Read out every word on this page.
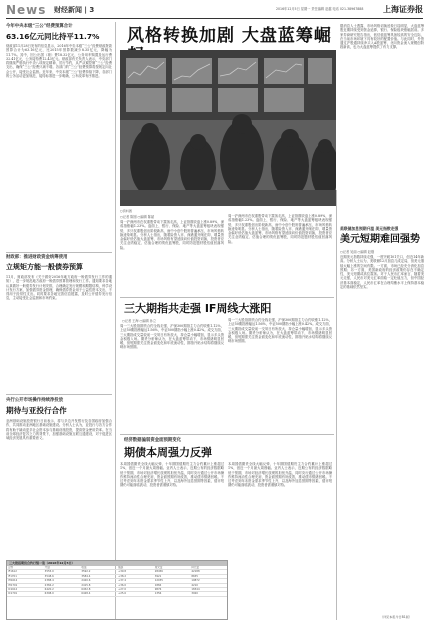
News 财经新闻 | 3	2016年12月5日 星期一 责任编辑 赵越 电话 021-38967888 上海证券报
今年中央本级“三公”经费预算合计
63.16亿元同比持平11.7%
财政部11月28日发布的信息显示，2016年中央本级“三公”经费财政拨款预算合计为63.16亿元，比2015年预算数减少8.35亿元，降幅为11.7%。其中，因公出国（境）费18.32亿元，公务用车购置及运行费32.41亿元，公务接待费12.43亿元。财政部有关负责人表示，中央部门将继续严格执行中央八项规定精神，厉行节约，从严从紧控制“三公”经费支出，确保“三公”经费只减不增。各部门的“三公”经费预算将按规定向社会公开，接受社会监督。近年来，中央本级“三公”经费持续下降，各部门的公务活动更加规范，接待标准进一步明确，公车改革有序推进。
财政部：推进财政资金统筹使用
立规矩方能一般债券预算
11月，财政部发布《关于做好2016年地方政府一般债券发行工作的通知》，进一步规范地方政府一般债券预算管理和发行工作。通知要求各地认真做好一般债券发行计划安排，合理确定发行规模和期限结构，科学设计发行方案，加强债券资金管理，确保债券资金用于公益性资本支出，不得用于经常性支出。同时要求各地完善信息披露，及时公开债券发行信息，主动接受社会监督和市场约束。
央行公开市场操作持续净投放
期待与亚投行合作
亚洲基础设施投资银行日前表示，将与多边开发银行及各国政府加强合作，共同推动亚洲地区基础设施建设。分析人士认为，亚投行与各方合作将有助于撬动更多社会资本参与基础设施投资，提高资金使用效率。在当前全球经济复苏乏力的背景下，加强基础设施互联互通建设，对于促进区域经济发展具有重要意义。
风格转换加剧 大盘蓝筹崛
○资料图
○记者 陈刚 ○编辑 陈斌
周一沪深两市在权重股带动下震荡走高，上证指数收盘上涨0.89%，深成指涨幅1.23%。盘面上，银行、保险、地产等大盘蓝筹板块表现强势，多只权重股创出阶段新高，而中小创个股则普遍承压，市场风格转换迹象明显。分析人士指出，随着险资入市、深港通开闸在即，增量资金偏好低估值大盘蓝筹，市场风格有望延续向价值投资切换，投资者应关注业绩稳定、估值合理的绩优蓝筹股，同时防范题材股估值回落风险。
周一沪深两市在权重股带动下震荡走高，上证指数收盘上涨0.89%，深成指涨幅1.23%。盘面上，银行、保险、地产等大盘蓝筹板块表现强势，多只权重股创出阶段新高，而中小创个股则普遍承压，市场风格转换迹象明显。分析人士指出，随着险资入市、深港通开闸在即，增量资金偏好低估值大盘蓝筹，市场风格有望延续向价值投资切换，投资者应关注业绩稳定、估值合理的绩优蓝筹股，同时防范题材股估值回落风险。
据消息人士透露，市场风格切换迹象日趋明显，大盘蓝筹股近期持续受到资金追捧，银行、保险板块涨幅居前。多家券商研究报告指出，低估值蓝筹具备较高的安全边际，在当前市场环境下具有较好的配置价值。与此同时，外资通过沪股通持续净买入A股蓝筹，北向资金流入规模创阶段新高，也为大盘蓝筹提供了有力支撑。
三大期指共走强 IF周线大涨阳
○记者 王海 ○编辑 孙立
周一三大股指期货合约全线走强，沪深300期指主力合约收涨1.12%，上证50期指涨幅达1.56%，中证500期指小幅上涨0.42%。成交方面，三大期指成交量较前一交易日有所放大，持仓量小幅增加，显示多头资金积极入场。期货分析师认为，在大盘蓝筹带动下，市场情绪明显回暖，但短期需关注资金面变化和年底流动性，期指升贴水结构将继续反映市场预期。
周一三大股指期货合约全线走强，沪深300期指主力合约收涨1.12%，上证50期指涨幅达1.56%，中证500期指小幅上涨0.42%。成交方面，三大期指成交量较前一交易日有所放大，持仓量小幅增加，显示多头资金积极入场。期货分析师认为，在大盘蓝筹带动下，市场情绪明显回暖，但短期需关注资金面变化和年底流动性，期指升贴水结构将继续反映市场预期。
经济数据偏弱资金面预期变化
期债本周强力反弹
本周国债期货全线大幅反弹，十年期国债期货主力合约累计上涨超过1%，创近一个月最大周涨幅。业内人士表示，近期公布的经济数据略低于预期，市场对经济增长放缓的担忧升温，同时央行通过公开市场操作维持流动性合理充裕，资金面预期有所改善，推动债市情绪回暖。不过考虑到年末资金需求季节性上升，以及海外加息预期等因素，债市短期仍可能面临波动，投资者需谨慎对待。
本周国债期货全线大幅反弹，十年期国债期货主力合约累计上涨超过1%，创近一个月最大周涨幅。业内人士表示，近期公布的经济数据略低于预期，市场对经济增长放缓的担忧升温，同时央行通过公开市场操作维持流动性合理充裕，资金面预期有所改善，推动债市情绪回暖。不过考虑到年末资金需求季节性上升，以及海外加息预期等因素，债市短期仍可能面临波动，投资者需谨慎对待。
三大股指期货合约行情一览（2016年12月5日）
合约	开盘	收盘	涨跌	成交量	持仓量
IF1612	3555.0	3592.2	+39.8	28456	42188
IF1701	3548.6	3584.4	+38.2	3921	8655
IH1612	2388.4	2420.6	+37.4	12035	19872
IH1701	2384.2	2415.8	+36.0	1884	4210
IC1612	6420.2	6452.8	+27.0	9876	18344
IC1701	6398.0	6428.4	+25.6	1356	3920
美联储加息预期升温 美元指数走强
美元短期难回强势
○记者 吴丽 ○编辑 赵刚
近期美元指数持续走强，一度突破101关口，创近14年新高。分析人士认为，美联储12月加息几成定局，但美元继续大幅上涨的空间有限。一方面，市场已经充分消化加息预期；另一方面，美国新政府的经济政策仍存在不确定性，美元短期或高位震荡。对于人民币汇率而言，随着美元走强，人民币对美元汇率面临一定贬值压力，但中国经济基本面稳定，人民币汇率在合理均衡水平上保持基本稳定的基础依然坚实。
（详见本报今日B1版）
